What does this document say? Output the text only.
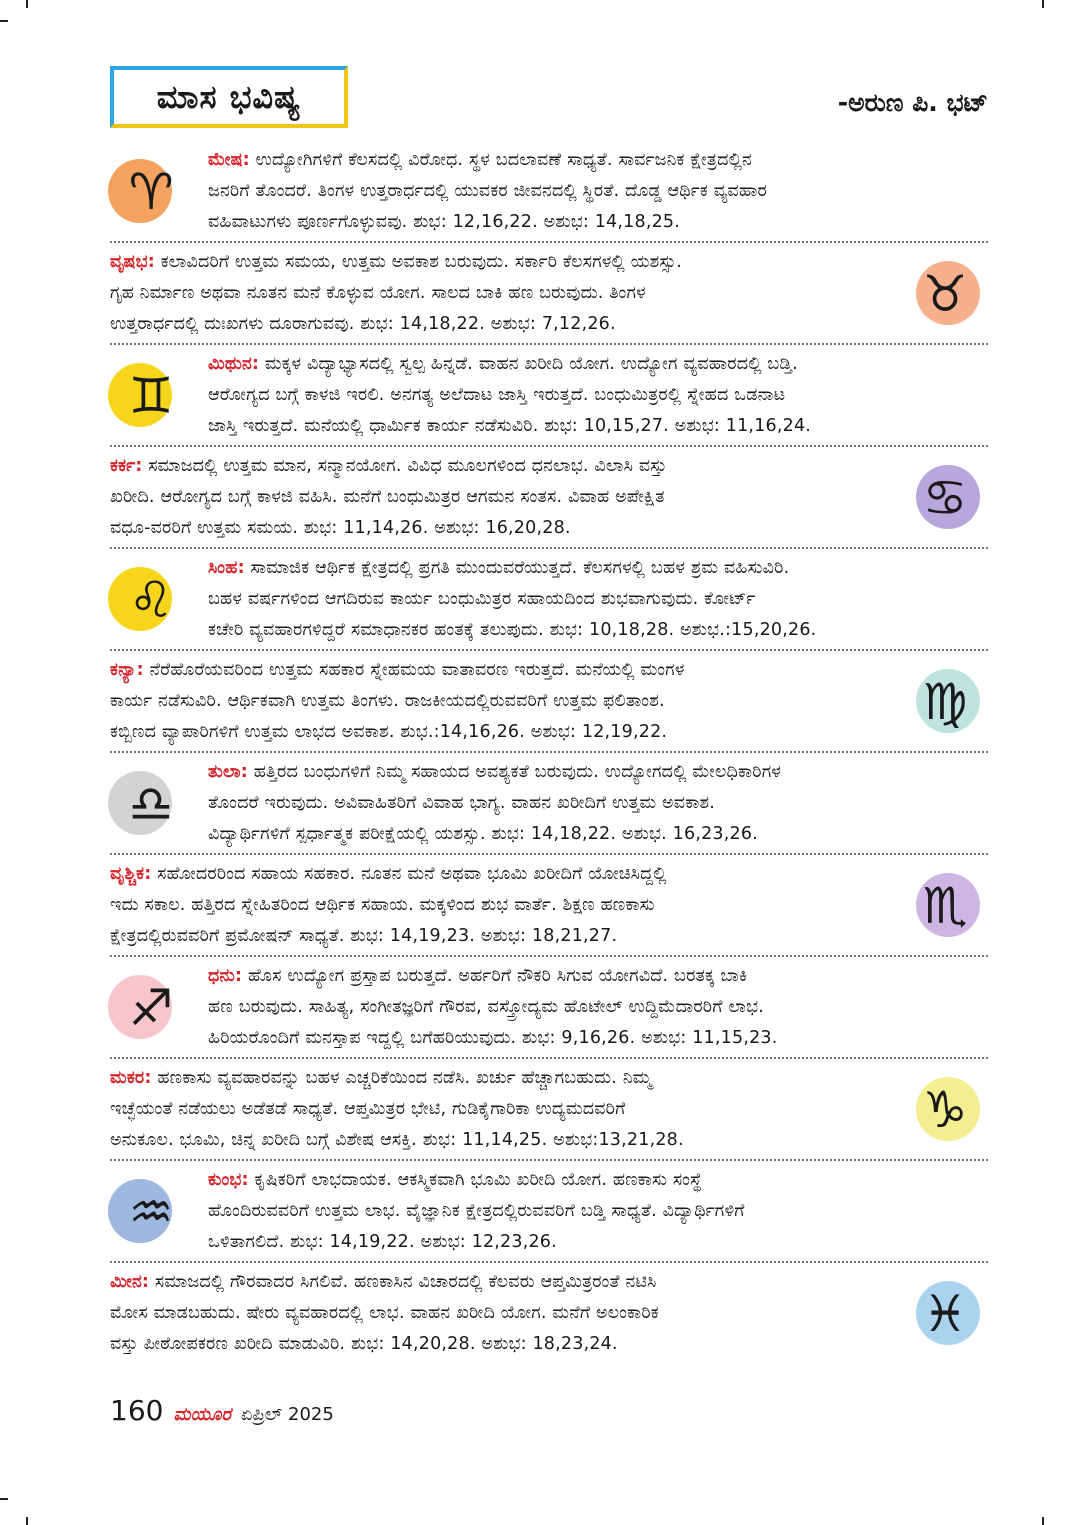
ಮಾಸ ಭವಿಷ್ಯ	-ಅರುಣ ಪಿ. ಭಟ್
♈
ಮೇಷ: ಉದ್ಯೋಗಿಗಳಿಗೆ ಕೆಲಸದಲ್ಲಿ ವಿರೋಧ. ಸ್ಥಳ ಬದಲಾವಣೆ ಸಾಧ್ಯತೆ. ಸಾರ್ವಜನಿಕ ಕ್ಷೇತ್ರದಲ್ಲಿನ
ಜನರಿಗೆ ತೊಂದರೆ. ತಿಂಗಳ ಉತ್ತರಾರ್ಧದಲ್ಲಿ ಯುವಕರ ಜೀವನದಲ್ಲಿ ಸ್ಥಿರತೆ. ದೊಡ್ಡ ಆರ್ಥಿಕ ವ್ಯವಹಾರ
ವಹಿವಾಟುಗಳು ಪೂರ್ಣಗೊಳ್ಳುವವು. ಶುಭ: 12,16,22. ಅಶುಭ: 14,18,25.
♉
ವೃಷಭ: ಕಲಾವಿದರಿಗೆ ಉತ್ತಮ ಸಮಯ, ಉತ್ತಮ ಅವಕಾಶ ಬರುವುದು. ಸರ್ಕಾರಿ ಕೆಲಸಗಳಲ್ಲಿ ಯಶಸ್ಸು.
ಗೃಹ ನಿರ್ಮಾಣ ಅಥವಾ ನೂತನ ಮನೆ ಕೊಳ್ಳುವ ಯೋಗ. ಸಾಲದ ಬಾಕಿ ಹಣ ಬರುವುದು. ತಿಂಗಳ
ಉತ್ತರಾರ್ಧದಲ್ಲಿ ದುಃಖಗಳು ದೂರಾಗುವವು. ಶುಭ: 14,18,22. ಅಶುಭ: 7,12,26.
♊
ಮಿಥುನ: ಮಕ್ಕಳ ವಿದ್ಯಾಭ್ಯಾಸದಲ್ಲಿ ಸ್ವಲ್ಪ ಹಿನ್ನಡೆ. ವಾಹನ ಖರೀದಿ ಯೋಗ. ಉದ್ಯೋಗ ವ್ಯವಹಾರದಲ್ಲಿ ಬಡ್ತಿ.
ಆರೋಗ್ಯದ ಬಗ್ಗೆ ಕಾಳಜಿ ಇರಲಿ. ಅನಗತ್ಯ ಅಲೆದಾಟ ಜಾಸ್ತಿ ಇರುತ್ತದೆ. ಬಂಧುಮಿತ್ರರಲ್ಲಿ ಸ್ನೇಹದ ಒಡನಾಟ
ಜಾಸ್ತಿ ಇರುತ್ತದೆ. ಮನೆಯಲ್ಲಿ ಧಾರ್ಮಿಕ ಕಾರ್ಯ ನಡೆಸುವಿರಿ. ಶುಭ: 10,15,27. ಅಶುಭ: 11,16,24.
♋
ಕರ್ಕ: ಸಮಾಜದಲ್ಲಿ ಉತ್ತಮ ಮಾನ, ಸನ್ಮಾನಯೋಗ. ವಿವಿಧ ಮೂಲಗಳಿಂದ ಧನಲಾಭ. ವಿಲಾಸಿ ವಸ್ತು
ಖರೀದಿ. ಆರೋಗ್ಯದ ಬಗ್ಗೆ ಕಾಳಜಿ ವಹಿಸಿ. ಮನೆಗೆ ಬಂಧುಮಿತ್ರರ ಆಗಮನ ಸಂತಸ. ವಿವಾಹ ಅಪೇಕ್ಷಿತ
ವಧೂ-ವರರಿಗೆ ಉತ್ತಮ ಸಮಯ. ಶುಭ: 11,14,26. ಅಶುಭ: 16,20,28.
♌
ಸಿಂಹ: ಸಾಮಾಜಿಕ ಆರ್ಥಿಕ ಕ್ಷೇತ್ರದಲ್ಲಿ ಪ್ರಗತಿ ಮುಂದುವರೆಯುತ್ತದೆ. ಕೆಲಸಗಳಲ್ಲಿ ಬಹಳ ಶ್ರಮ ವಹಿಸುವಿರಿ.
ಬಹಳ ವರ್ಷಗಳಿಂದ ಆಗದಿರುವ ಕಾರ್ಯ ಬಂಧುಮಿತ್ರರ ಸಹಾಯದಿಂದ ಶುಭವಾಗುವುದು. ಕೋರ್ಟ್
ಕಚೇರಿ ವ್ಯವಹಾರಗಳಿದ್ದರೆ ಸಮಾಧಾನಕರ ಹಂತಕ್ಕೆ ತಲುಪುದು. ಶುಭ: 10,18,28. ಅಶುಭ.:15,20,26.
♍
ಕನ್ಯಾ: ನೆರೆಹೊರೆಯವರಿಂದ ಉತ್ತಮ ಸಹಕಾರ ಸ್ನೇಹಮಯ ವಾತಾವರಣ ಇರುತ್ತದೆ. ಮನೆಯಲ್ಲಿ ಮಂಗಳ
ಕಾರ್ಯ ನಡೆಸುವಿರಿ. ಆರ್ಥಿಕವಾಗಿ ಉತ್ತಮ ತಿಂಗಳು. ರಾಜಕೀಯದಲ್ಲಿರುವವರಿಗೆ ಉತ್ತಮ ಫಲಿತಾಂಶ.
ಕಬ್ಬಿಣದ ವ್ಯಾಪಾರಿಗಳಿಗೆ ಉತ್ತಮ ಲಾಭದ ಅವಕಾಶ. ಶುಭ.:14,16,26. ಅಶುಭ: 12,19,22.
♎
ತುಲಾ: ಹತ್ತಿರದ ಬಂಧುಗಳಿಗೆ ನಿಮ್ಮ ಸಹಾಯದ ಅವಶ್ಯಕತೆ ಬರುವುದು. ಉದ್ಯೋಗದಲ್ಲಿ ಮೇಲಧಿಕಾರಿಗಳ
ತೊಂದರೆ ಇರುವುದು. ಅವಿವಾಹಿತರಿಗೆ ವಿವಾಹ ಭಾಗ್ಯ. ವಾಹನ ಖರೀದಿಗೆ ಉತ್ತಮ ಅವಕಾಶ.
ವಿದ್ಯಾರ್ಥಿಗಳಿಗೆ ಸ್ಪರ್ಧಾತ್ಮಕ ಪರೀಕ್ಷೆಯಲ್ಲಿ ಯಶಸ್ಸು. ಶುಭ: 14,18,22. ಅಶುಭ. 16,23,26.
♏
ವೃಶ್ಚಿಕ: ಸಹೋದರರಿಂದ ಸಹಾಯ ಸಹಕಾರ. ನೂತನ ಮನೆ ಅಥವಾ ಭೂಮಿ ಖರೀದಿಗೆ ಯೋಚಿಸಿದ್ದಲ್ಲಿ
ಇದು ಸಕಾಲ. ಹತ್ತಿರದ ಸ್ನೇಹಿತರಿಂದ ಆರ್ಥಿಕ ಸಹಾಯ. ಮಕ್ಕಳಿಂದ ಶುಭ ವಾರ್ತೆ. ಶಿಕ್ಷಣ ಹಣಕಾಸು
ಕ್ಷೇತ್ರದಲ್ಲಿರುವವರಿಗೆ ಪ್ರಮೋಷನ್ ಸಾಧ್ಯತೆ. ಶುಭ: 14,19,23. ಅಶುಭ: 18,21,27.
♐
ಧನು: ಹೊಸ ಉದ್ಯೋಗ ಪ್ರಸ್ತಾಪ ಬರುತ್ತದೆ. ಅರ್ಹರಿಗೆ ನೌಕರಿ ಸಿಗುವ ಯೋಗವಿದೆ. ಬರತಕ್ಕ ಬಾಕಿ
ಹಣ ಬರುವುದು. ಸಾಹಿತ್ಯ, ಸಂಗೀತಜ್ಞರಿಗೆ ಗೌರವ, ವಸ್ತ್ರೋದ್ಯಮ ಹೊಟೇಲ್ ಉದ್ದಿಮೆದಾರರಿಗೆ ಲಾಭ.
ಹಿರಿಯರೊಂದಿಗೆ ಮನಸ್ತಾಪ ಇದ್ದಲ್ಲಿ ಬಗೆಹರಿಯುವುದು. ಶುಭ: 9,16,26. ಅಶುಭ: 11,15,23.
♑
ಮಕರ: ಹಣಕಾಸು ವ್ಯವಹಾರವನ್ನು ಬಹಳ ಎಚ್ಚರಿಕೆಯಿಂದ ನಡೆಸಿ. ಖರ್ಚು ಹೆಚ್ಚಾಗಬಹುದು. ನಿಮ್ಮ
ಇಚ್ಛೆಯಂತೆ ನಡೆಯಲು ಅಡೆತಡೆ ಸಾಧ್ಯತೆ. ಆಪ್ತಮಿತ್ರರ ಭೇಟಿ, ಗುಡಿಕೈಗಾರಿಕಾ ಉದ್ಯಮದವರಿಗೆ
ಅನುಕೂಲ. ಭೂಮಿ, ಚಿನ್ನ ಖರೀದಿ ಬಗ್ಗೆ ವಿಶೇಷ ಆಸಕ್ತಿ. ಶುಭ: 11,14,25. ಅಶುಭ:13,21,28.
♒
ಕುಂಭ: ಕೃಷಿಕರಿಗೆ ಲಾಭದಾಯಕ. ಆಕಸ್ಮಿಕವಾಗಿ ಭೂಮಿ ಖರೀದಿ ಯೋಗ. ಹಣಕಾಸು ಸಂಸ್ಥೆ
ಹೊಂದಿರುವವರಿಗೆ ಉತ್ತಮ ಲಾಭ. ವೈಜ್ಞಾನಿಕ ಕ್ಷೇತ್ರದಲ್ಲಿರುವವರಿಗೆ ಬಡ್ತಿ ಸಾಧ್ಯತೆ. ವಿದ್ಯಾರ್ಥಿಗಳಿಗೆ
ಒಳಿತಾಗಲಿದೆ. ಶುಭ: 14,19,22. ಅಶುಭ: 12,23,26.
♓
ಮೀನ: ಸಮಾಜದಲ್ಲಿ ಗೌರವಾದರ ಸಿಗಲಿವೆ. ಹಣಕಾಸಿನ ವಿಚಾರದಲ್ಲಿ ಕೆಲವರು ಆಪ್ತಮಿತ್ರರಂತೆ ನಟಿಸಿ
ಮೋಸ ಮಾಡಬಹುದು. ಷೇರು ವ್ಯವಹಾರದಲ್ಲಿ ಲಾಭ. ವಾಹನ ಖರೀದಿ ಯೋಗ. ಮನೆಗೆ ಅಲಂಕಾರಿಕ
ವಸ್ತು ಪೀಠೋಪಕರಣ ಖರೀದಿ ಮಾಡುವಿರಿ. ಶುಭ: 14,20,28. ಅಶುಭ: 18,23,24.
160 ಮಯೂರ ಏಪ್ರಿಲ್ 2025
